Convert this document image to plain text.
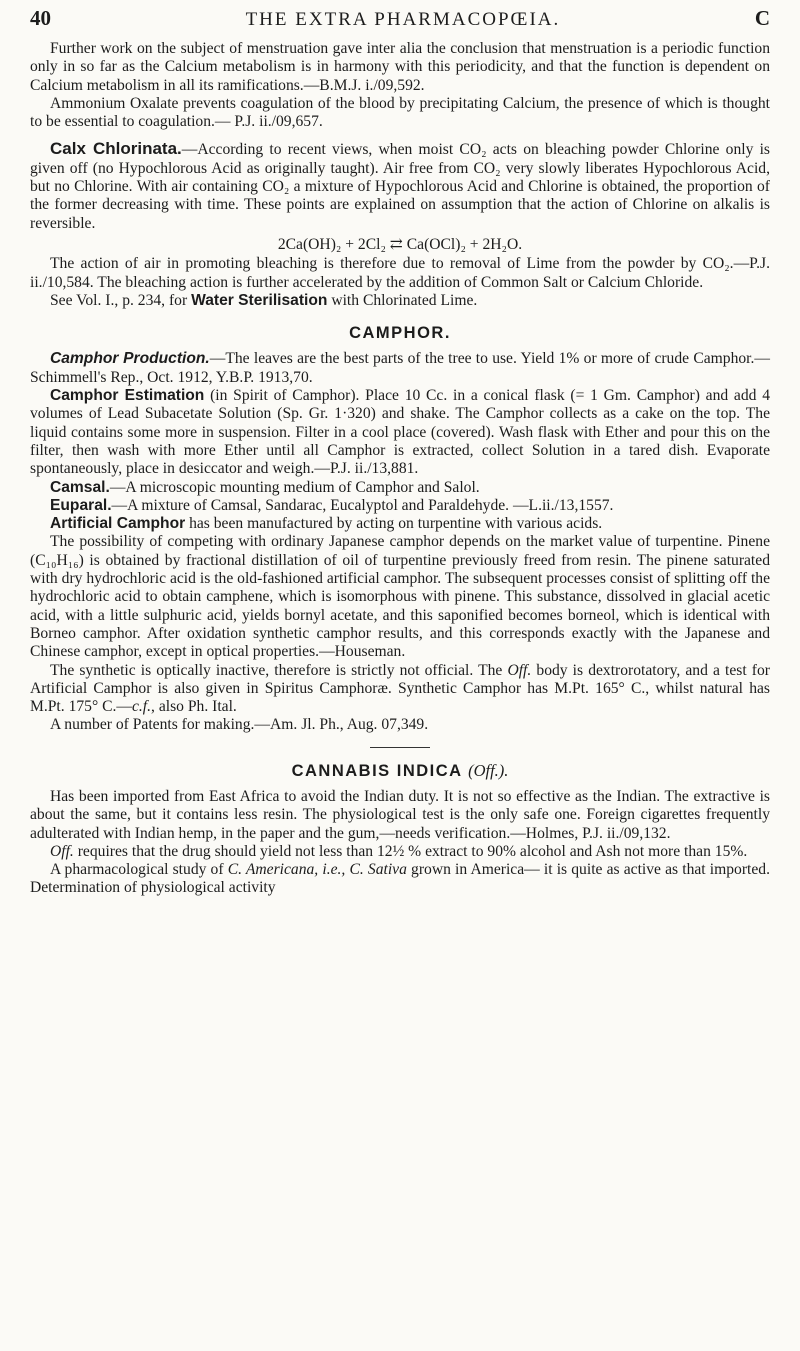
40	THE EXTRA PHARMACOPŒIA.	C

Further work on the subject of menstruation gave inter alia the conclusion that menstruation is a periodic function only in so far as the Calcium metabolism is in harmony with this periodicity, and that the function is dependent on Calcium metabolism in all its ramifications.—B.M.J. i./09,592.

Ammonium Oxalate prevents coagulation of the blood by precipitating Calcium, the presence of which is thought to be essential to coagulation.— P.J. ii./09,657.

Calx Chlorinata.—According to recent views, when moist CO₂ acts on bleaching powder Chlorine only is given off (no Hypochlorous Acid as originally taught). Air free from CO₂ very slowly liberates Hypochlorous Acid, but no Chlorine. With air containing CO₂ a mixture of Hypochlorous Acid and Chlorine is obtained, the proportion of the former decreasing with time. These points are explained on assumption that the action of Chlorine on alkalis is reversible.

2Ca(OH)₂ + 2Cl₂ ⇄ Ca(OCl)₂ + 2H₂O.

The action of air in promoting bleaching is therefore due to removal of Lime from the powder by CO₂.—P.J. ii./10,584. The bleaching action is further accelerated by the addition of Common Salt or Calcium Chloride.

See Vol. I., p. 234, for Water Sterilisation with Chlorinated Lime.

CAMPHOR.

Camphor Production.—The leaves are the best parts of the tree to use. Yield 1% or more of crude Camphor.—Schimmell's Rep., Oct. 1912, Y.B.P. 1913,70.

Camphor Estimation (in Spirit of Camphor). Place 10 Cc. in a conical flask (= 1 Gm. Camphor) and add 4 volumes of Lead Subacetate Solution (Sp. Gr. 1·320) and shake. The Camphor collects as a cake on the top. The liquid contains some more in suspension. Filter in a cool place (covered). Wash flask with Ether and pour this on the filter, then wash with more Ether until all Camphor is extracted, collect Solution in a tared dish. Evaporate spontaneously, place in desiccator and weigh.—P.J. ii./13,881.

Camsal.—A microscopic mounting medium of Camphor and Salol.

Euparal.—A mixture of Camsal, Sandarac, Eucalyptol and Paraldehyde. —L.ii./13,1557.

Artificial Camphor has been manufactured by acting on turpentine with various acids.

The possibility of competing with ordinary Japanese camphor depends on the market value of turpentine. Pinene (C₁₀H₁₆) is obtained by fractional distillation of oil of turpentine previously freed from resin. The pinene saturated with dry hydrochloric acid is the old-fashioned artificial camphor. The subsequent processes consist of splitting off the hydrochloric acid to obtain camphene, which is isomorphous with pinene. This substance, dissolved in glacial acetic acid, with a little sulphuric acid, yields bornyl acetate, and this saponified becomes borneol, which is identical with Borneo camphor. After oxidation synthetic camphor results, and this corresponds exactly with the Japanese and Chinese camphor, except in optical properties.—Houseman.

The synthetic is optically inactive, therefore is strictly not official. The Off. body is dextrorotatory, and a test for Artificial Camphor is also given in Spiritus Camphoræ. Synthetic Camphor has M.Pt. 165° C., whilst natural has M.Pt. 175° C.—c.f., also Ph. Ital.

A number of Patents for making.—Am. Jl. Ph., Aug. 07,349.

CANNABIS INDICA (Off.).

Has been imported from East Africa to avoid the Indian duty. It is not so effective as the Indian. The extractive is about the same, but it contains less resin. The physiological test is the only safe one. Foreign cigarettes frequently adulterated with Indian hemp, in the paper and the gum,—needs verification.—Holmes, P.J. ii./09,132.

Off. requires that the drug should yield not less than 12½ % extract to 90% alcohol and Ash not more than 15%.

A pharmacological study of C. Americana, i.e., C. Sativa grown in America— it is quite as active as that imported. Determination of physiological activity
